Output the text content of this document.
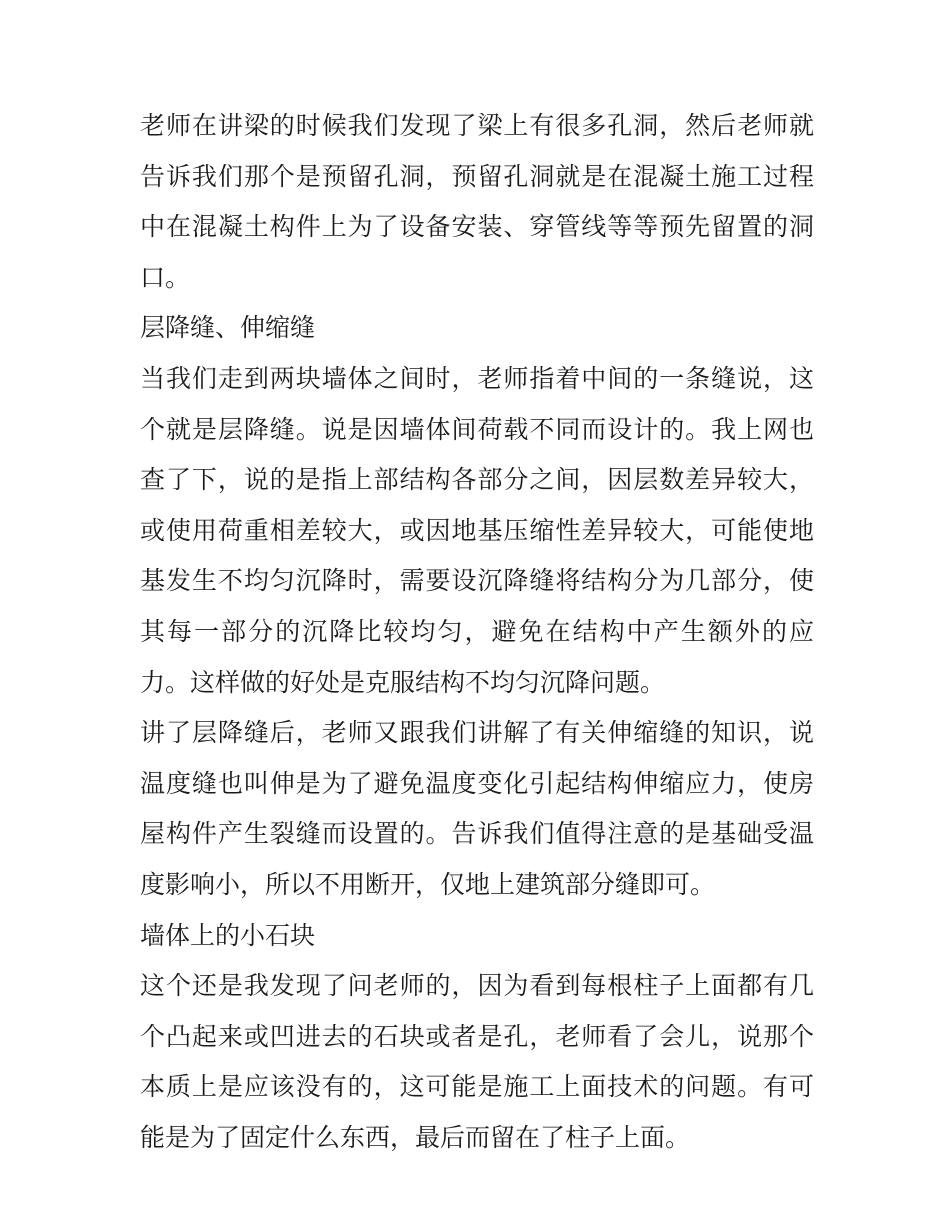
老师在讲梁的时候我们发现了梁上有很多孔洞，然后老师就告诉我们那个是预留孔洞，预留孔洞就是在混凝土施工过程中在混凝土构件上为了设备安装、穿管线等等预先留置的洞口。

层降缝、伸缩缝

当我们走到两块墙体之间时，老师指着中间的一条缝说，这个就是层降缝。说是因墙体间荷载不同而设计的。我上网也查了下，说的是指上部结构各部分之间，因层数差异较大，或使用荷重相差较大，或因地基压缩性差异较大，可能使地基发生不均匀沉降时，需要设沉降缝将结构分为几部分，使其每一部分的沉降比较均匀，避免在结构中产生额外的应力。这样做的好处是克服结构不均匀沉降问题。

讲了层降缝后，老师又跟我们讲解了有关伸缩缝的知识，说温度缝也叫伸是为了避免温度变化引起结构伸缩应力，使房屋构件产生裂缝而设置的。告诉我们值得注意的是基础受温度影响小，所以不用断开，仅地上建筑部分缝即可。

墙体上的小石块

这个还是我发现了问老师的，因为看到每根柱子上面都有几个凸起来或凹进去的石块或者是孔，老师看了会儿，说那个本质上是应该没有的，这可能是施工上面技术的问题。有可能是为了固定什么东西，最后而留在了柱子上面。
